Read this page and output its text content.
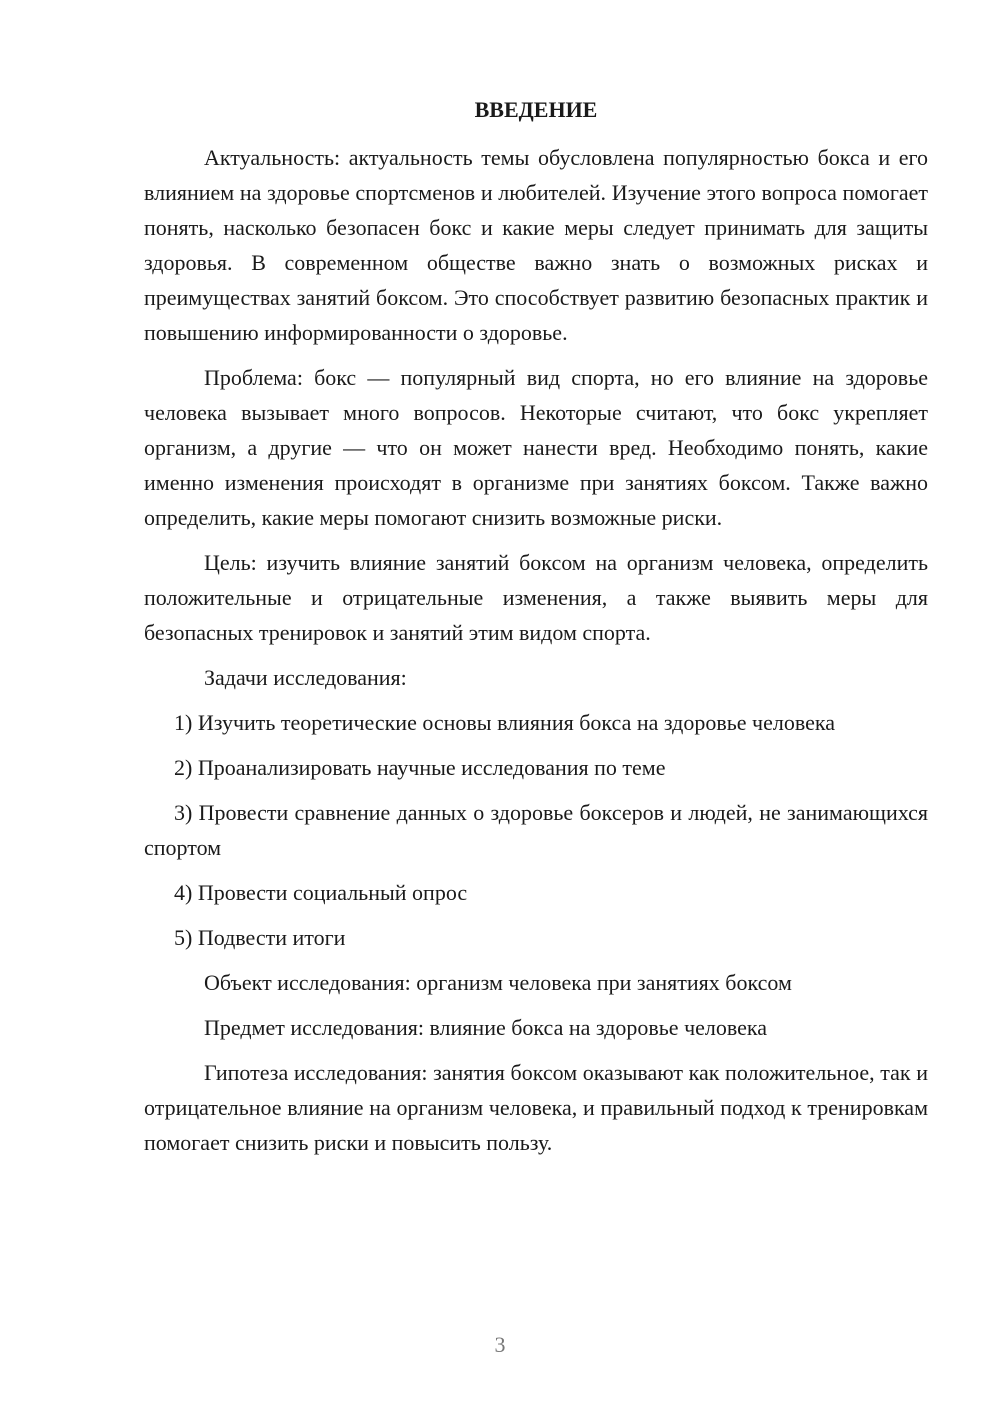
ВВЕДЕНИЕ

Актуальность: актуальность темы обусловлена популярностью бокса и его влиянием на здоровье спортсменов и любителей. Изучение этого вопроса помогает понять, насколько безопасен бокс и какие меры следует принимать для защиты здоровья. В современном обществе важно знать о возможных рисках и преимуществах занятий боксом. Это способствует развитию безопасных практик и повышению информированности о здоровье.

Проблема: бокс — популярный вид спорта, но его влияние на здоровье человека вызывает много вопросов. Некоторые считают, что бокс укрепляет организм, а другие — что он может нанести вред. Необходимо понять, какие именно изменения происходят в организме при занятиях боксом. Также важно определить, какие меры помогают снизить возможные риски.

Цель: изучить влияние занятий боксом на организм человека, определить положительные и отрицательные изменения, а также выявить меры для безопасных тренировок и занятий этим видом спорта.

Задачи исследования:

1) Изучить теоретические основы влияния бокса на здоровье человека

2) Проанализировать научные исследования по теме

3) Провести сравнение данных о здоровье боксеров и людей, не занимающихся спортом

4) Провести социальный опрос

5) Подвести итоги

Объект исследования: организм человека при занятиях боксом

Предмет исследования: влияние бокса на здоровье человека

Гипотеза исследования: занятия боксом оказывают как положительное, так и отрицательное влияние на организм человека, и правильный подход к тренировкам помогает снизить риски и повысить пользу.

3
